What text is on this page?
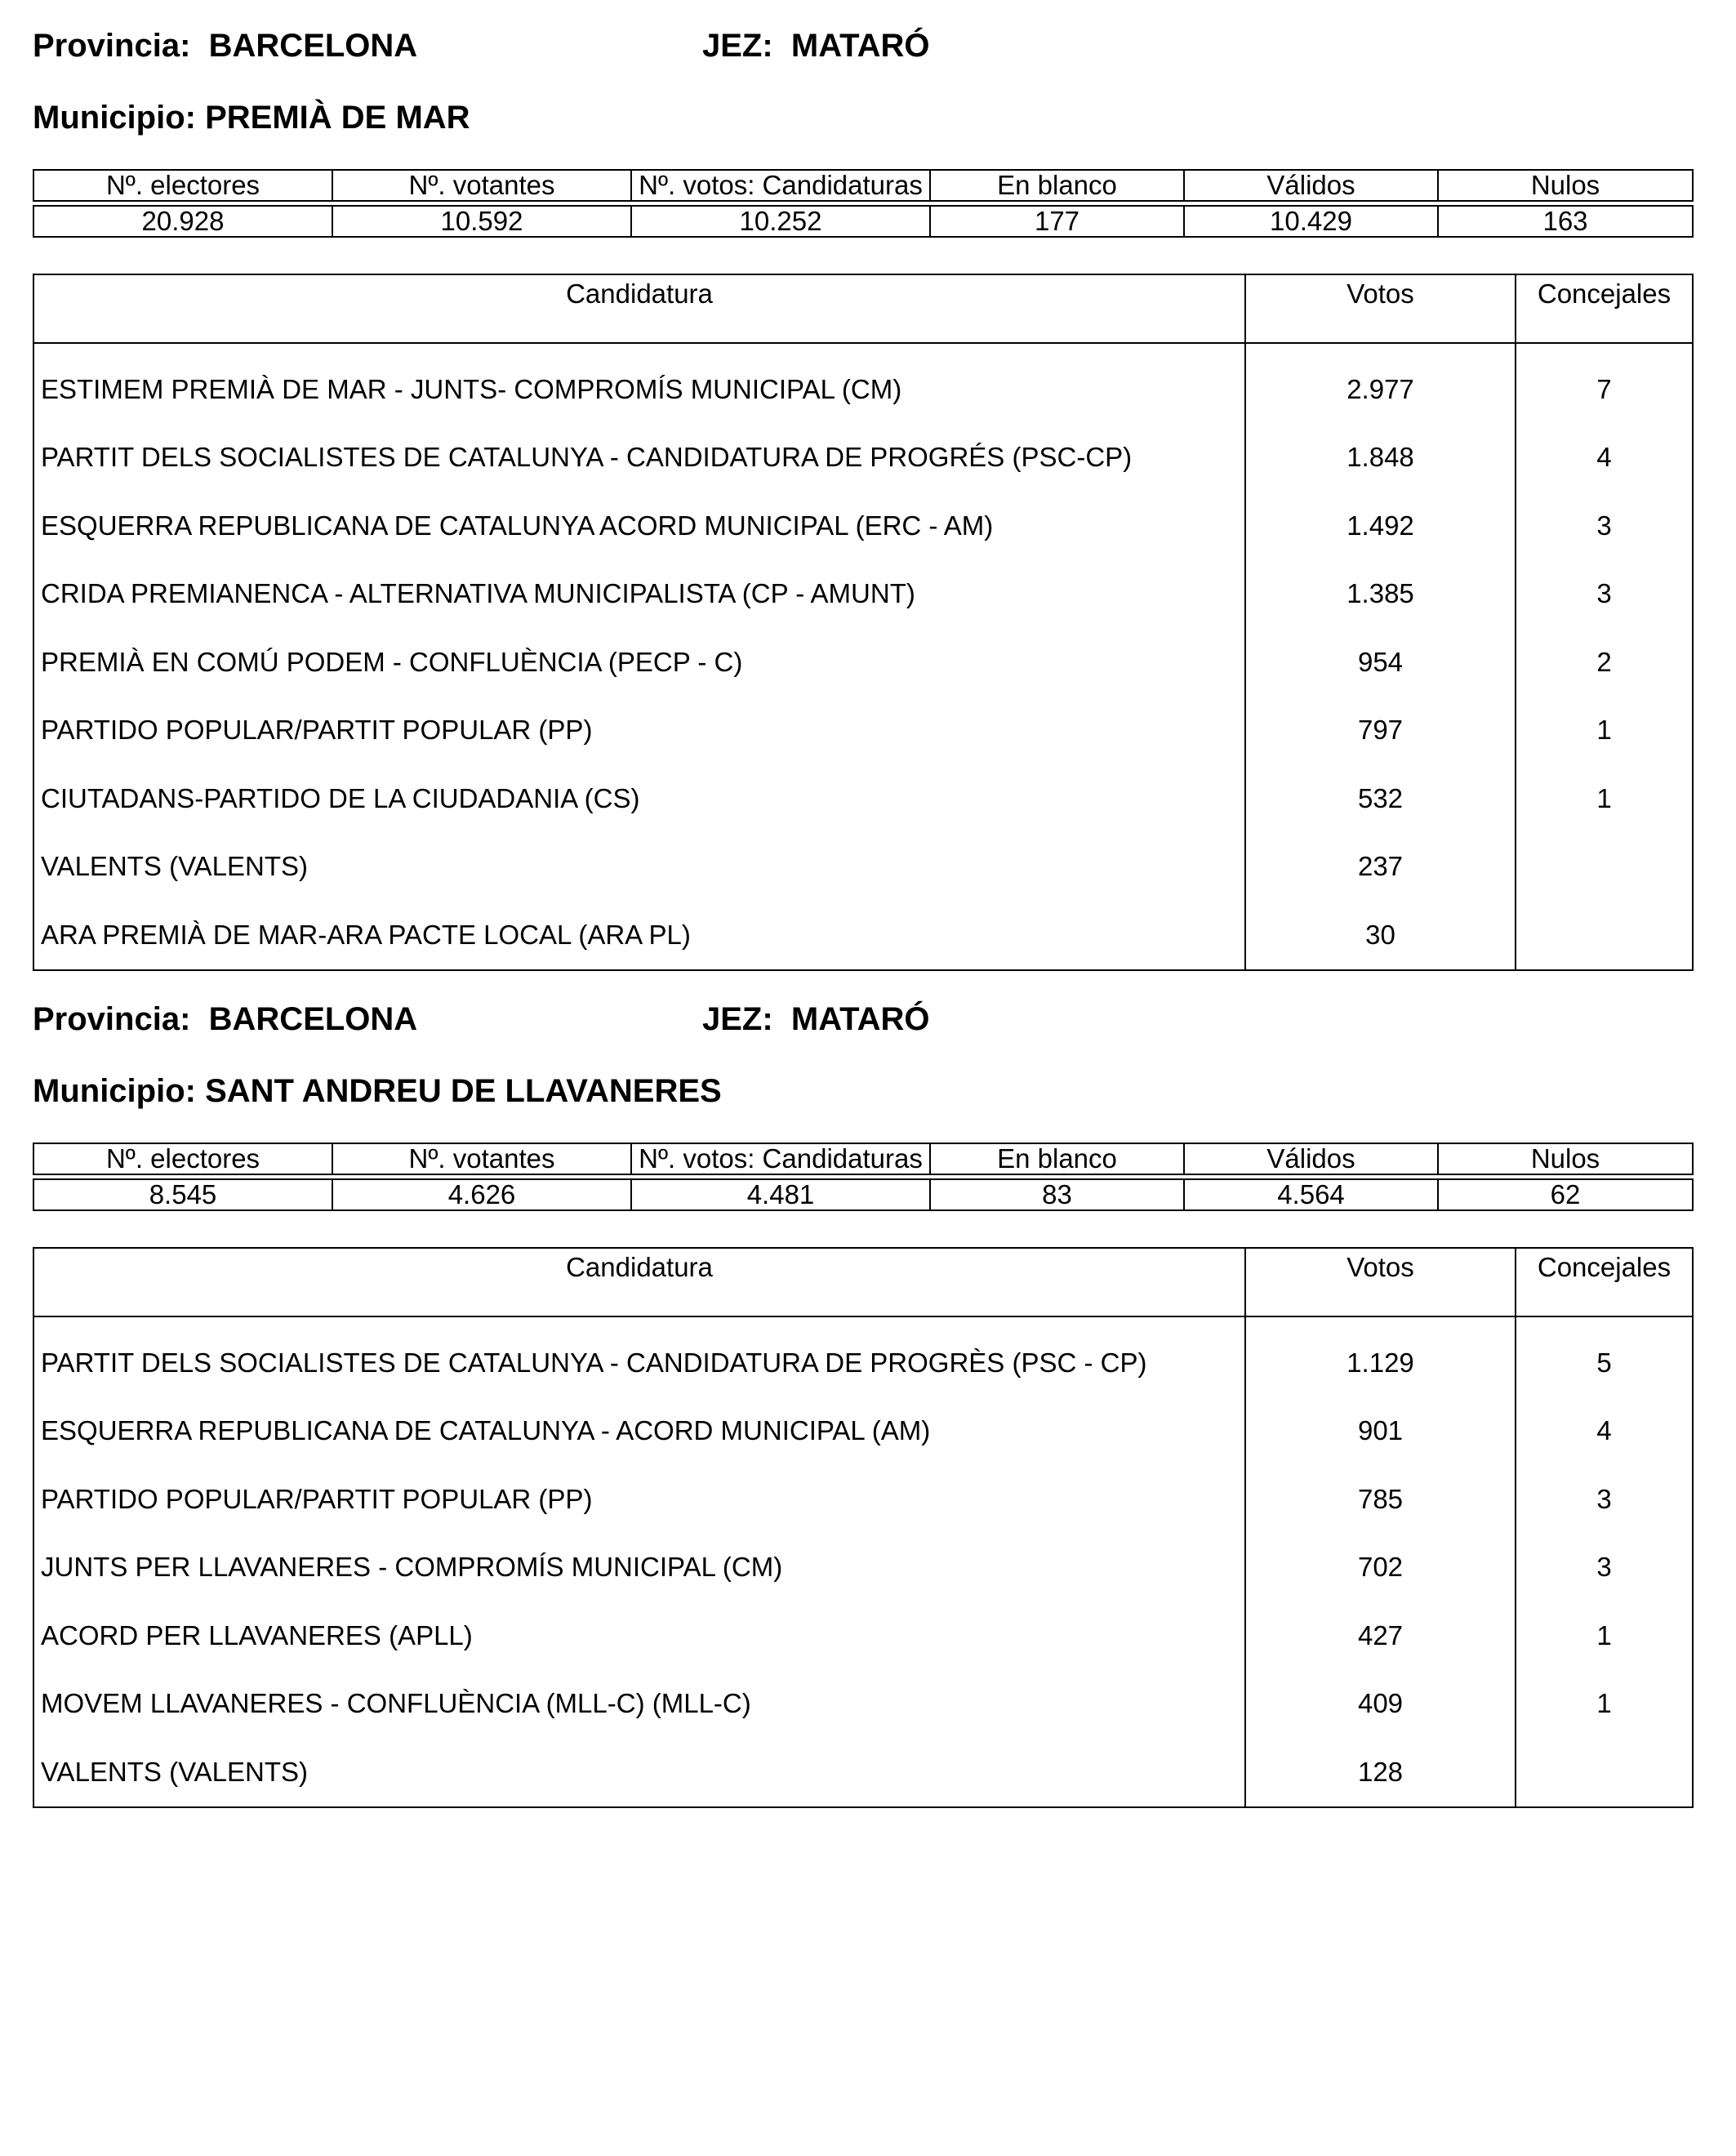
Provincia: BARCELONA	JEZ: MATARÓ
Municipio: PREMIÀ DE MAR
Nº. electores	Nº. votantes	Nº. votos: Candidaturas	En blanco	Válidos	Nulos

20.928	10.592	10.252	177	10.429	163
Candidatura	Votos	Concejales
ESTIMEM PREMIÀ DE MAR - JUNTS- COMPROMÍS MUNICIPAL (CM)	2.977	7
PARTIT DELS SOCIALISTES DE CATALUNYA - CANDIDATURA DE PROGRÉS (PSC-CP)	1.848	4
ESQUERRA REPUBLICANA DE CATALUNYA ACORD MUNICIPAL (ERC - AM)	1.492	3
CRIDA PREMIANENCA - ALTERNATIVA MUNICIPALISTA (CP - AMUNT)	1.385	3
PREMIÀ EN COMÚ PODEM - CONFLUÈNCIA (PECP - C)	954	2
PARTIDO POPULAR/PARTIT POPULAR (PP)	797	1
CIUTADANS-PARTIDO DE LA CIUDADANIA (CS)	532	1
VALENTS (VALENTS)	237	
ARA PREMIÀ DE MAR-ARA PACTE LOCAL (ARA PL)	30	
Provincia: BARCELONA	JEZ: MATARÓ
Municipio: SANT ANDREU DE LLAVANERES
Nº. electores	Nº. votantes	Nº. votos: Candidaturas	En blanco	Válidos	Nulos

8.545	4.626	4.481	83	4.564	62
Candidatura	Votos	Concejales
PARTIT DELS SOCIALISTES DE CATALUNYA - CANDIDATURA DE PROGRÈS (PSC - CP)	1.129	5
ESQUERRA REPUBLICANA DE CATALUNYA - ACORD MUNICIPAL (AM)	901	4
PARTIDO POPULAR/PARTIT POPULAR (PP)	785	3
JUNTS PER LLAVANERES - COMPROMÍS MUNICIPAL (CM)	702	3
ACORD PER LLAVANERES (APLL)	427	1
MOVEM LLAVANERES - CONFLUÈNCIA (MLL-C) (MLL-C)	409	1
VALENTS (VALENTS)	128	
